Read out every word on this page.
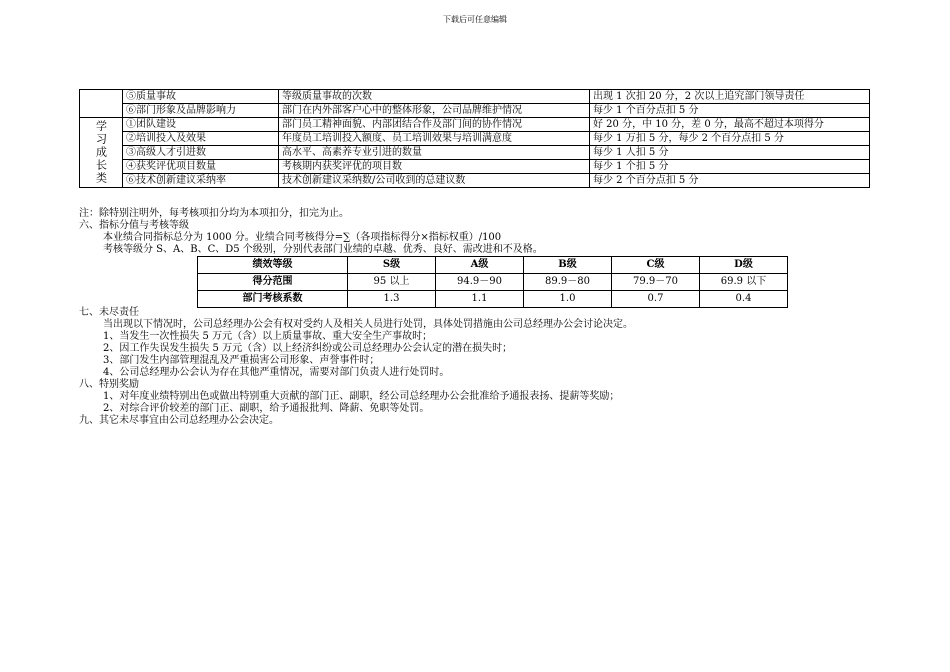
下载后可任意编辑
	⑤质量事故	等级质量事故的次数	出现 1 次扣 20 分，2 次以上追究部门领导责任
	⑥部门形象及品牌影响力	部门在内外部客户心中的整体形象，公司品牌维护情况	每少 1 个百分点扣 5 分
学习成长类	①团队建设	部门员工精神面貌、内部团结合作及部门间的协作情况	好 20 分，中 10 分，差 0 分，最高不超过本项得分
	②培训投入及效果	年度员工培训投入额度、员工培训效果与培训满意度	每少 1 万扣 5 分，每少 2 个百分点扣 5 分
	③高级人才引进数	高水平、高素养专业引进的数量	每少 1 人扣 5 分
	④获奖评优项目数量	考核期内获奖评优的项目数	每少 1 个扣 5 分
	⑥技术创新建议采纳率	技术创新建议采纳数/公司收到的总建议数	每少 2 个百分点扣 5 分
注：除特别注明外，每考核项扣分均为本项扣分，扣完为止。
六、指标分值与考核等级
本业绩合同指标总分为 1000 分。业绩合同考核得分=∑（各项指标得分×指标权重）/100
考核等级分 S、A、B、C、D5 个级别，分别代表部门业绩的卓越、优秀、良好、需改进和不及格。
绩效等级	S级	A级	B级	C级	D级
得分范围	95 以上	94.9－90	89.9－80	79.9－70	69.9 以下
部门考核系数	1.3	1.1	1.0	0.7	0.4
七、未尽责任
当出现以下情况时，公司总经理办公会有权对受约人及相关人员进行处罚，具体处罚措施由公司总经理办公会讨论决定。
1、当发生一次性损失 5 万元（含）以上质量事故、重大安全生产事故时；
2、因工作失误发生损失 5 万元（含）以上经济纠纷或公司总经理办公会认定的潜在损失时；
3、部门发生内部管理混乱及严重损害公司形象、声誉事件时；
4、公司总经理办公会认为存在其他严重情况，需要对部门负责人进行处罚时。
八、特别奖励
1、对年度业绩特别出色或做出特别重大贡献的部门正、副职，经公司总经理办公会批准给予通报表扬、提薪等奖励；
2、对综合评价较差的部门正、副职，给予通报批判、降薪、免职等处罚。
九、其它未尽事宜由公司总经理办公会决定。
